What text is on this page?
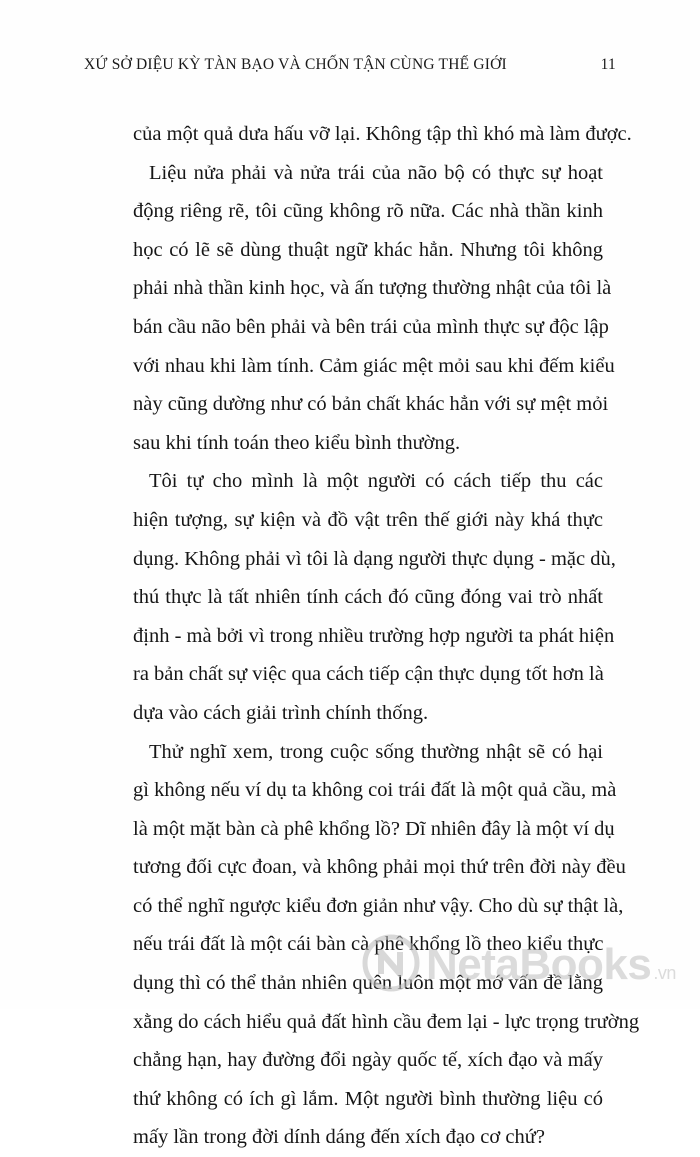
XỨ SỞ DIỆU KỲ TÀN BẠO VÀ CHỐN TẬN CÙNG THẾ GIỚI	11

của một quả dưa hấu vỡ lại. Không tập thì khó mà làm được.

Liệu nửa phải và nửa trái của não bộ có thực sự hoạt
động riêng rẽ, tôi cũng không rõ nữa. Các nhà thần kinh
học có lẽ sẽ dùng thuật ngữ khác hẳn. Nhưng tôi không
phải nhà thần kinh học, và ấn tượng thường nhật của tôi là
bán cầu não bên phải và bên trái của mình thực sự độc lập
với nhau khi làm tính. Cảm giác mệt mỏi sau khi đếm kiểu
này cũng dường như có bản chất khác hẳn với sự mệt mỏi
sau khi tính toán theo kiểu bình thường.

Tôi tự cho mình là một người có cách tiếp thu các
hiện tượng, sự kiện và đồ vật trên thế giới này khá thực
dụng. Không phải vì tôi là dạng người thực dụng - mặc dù,
thú thực là tất nhiên tính cách đó cũng đóng vai trò nhất
định - mà bởi vì trong nhiều trường hợp người ta phát hiện
ra bản chất sự việc qua cách tiếp cận thực dụng tốt hơn là
dựa vào cách giải trình chính thống.

Thử nghĩ xem, trong cuộc sống thường nhật sẽ có hại
gì không nếu ví dụ ta không coi trái đất là một quả cầu, mà
là một mặt bàn cà phê khổng lồ? Dĩ nhiên đây là một ví dụ
tương đối cực đoan, và không phải mọi thứ trên đời này đều
có thể nghĩ ngược kiểu đơn giản như vậy. Cho dù sự thật là,
nếu trái đất là một cái bàn cà phê khổng lồ theo kiểu thực
dụng thì có thể thản nhiên quên luôn một mớ vấn đề lằng
xằng do cách hiểu quả đất hình cầu đem lại - lực trọng trường
chẳng hạn, hay đường đổi ngày quốc tế, xích đạo và mấy
thứ không có ích gì lắm. Một người bình thường liệu có
mấy lần trong đời dính dáng đến xích đạo cơ chứ?

NetaBooks .vn
